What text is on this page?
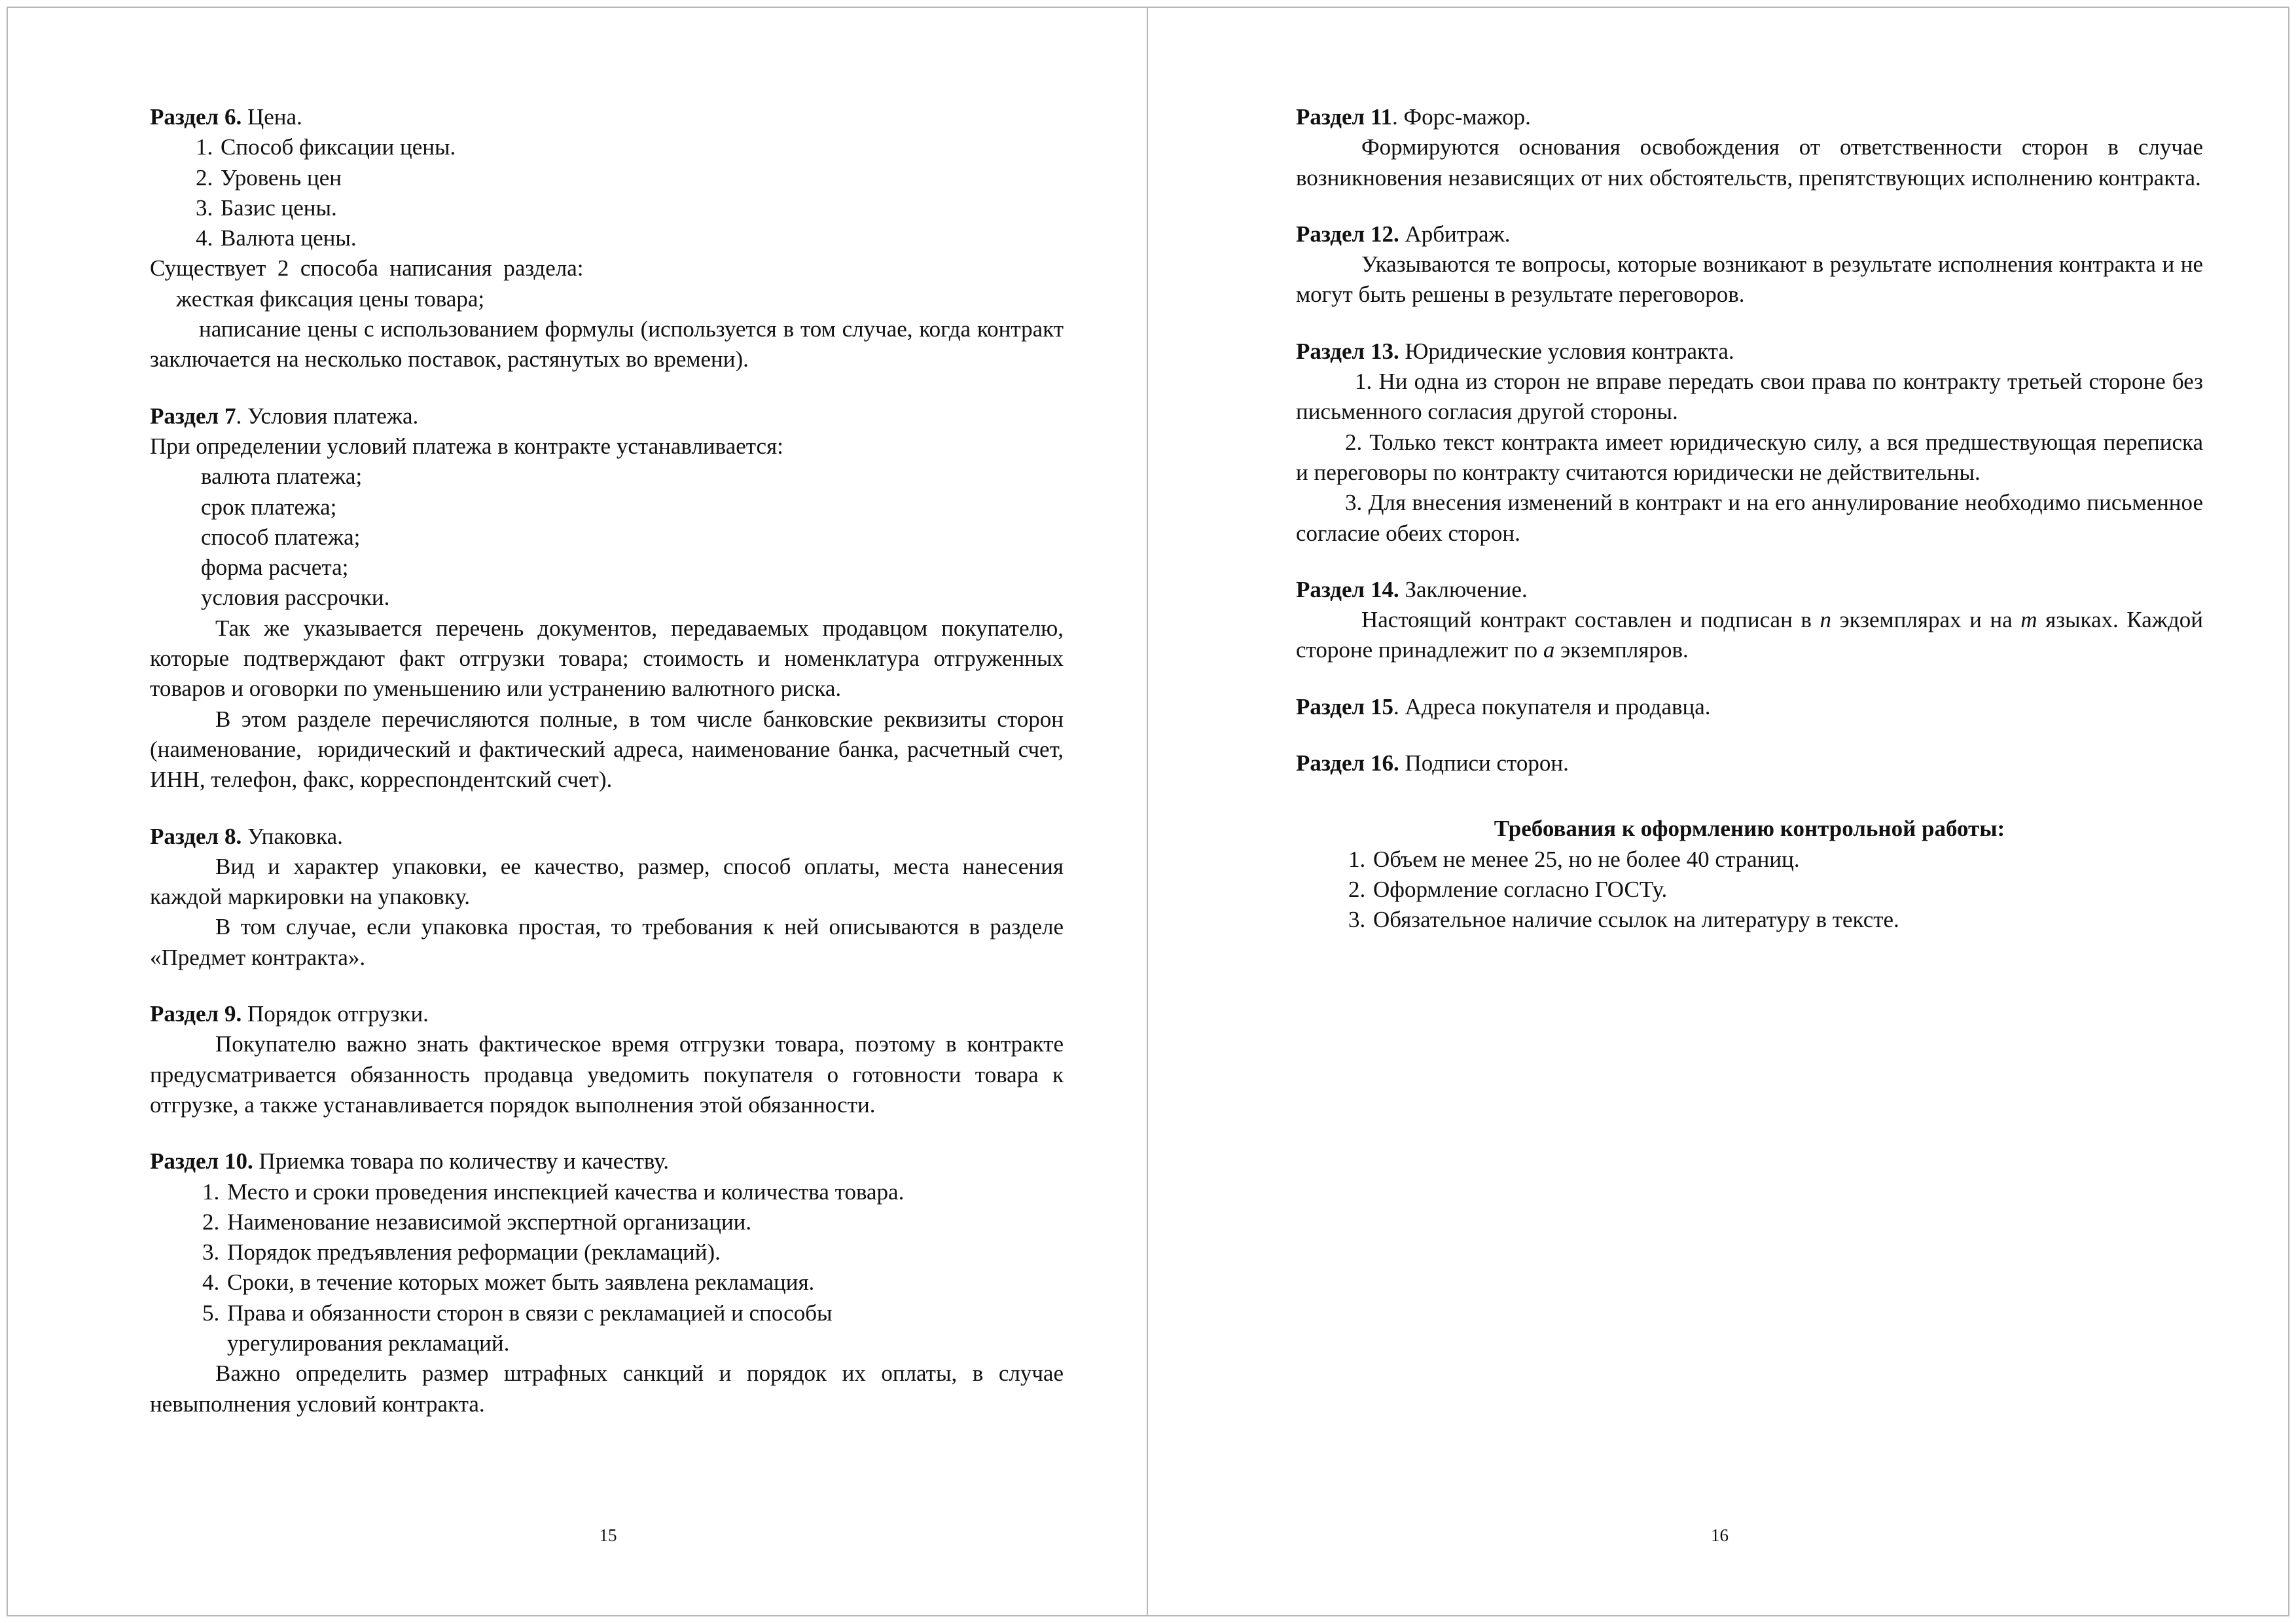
Раздел 6. Цена.

1. Способ фиксации цены.
2. Уровень цен
3. Базис цены.
4. Валюта цены.

Существует  2  способа  написания  раздела:

жесткая фиксация цены товара;

написание цены с использованием формулы (используется в том случае, когда контракт заключается на несколько поставок, растянутых во времени).

Раздел 7. Условия платежа.

При определении условий платежа в контракте устанавливается:

валюта платежа;

срок платежа;

способ платежа;

форма расчета;

условия рассрочки.

Так же указывается перечень документов, передаваемых продавцом покупателю, которые подтверждают факт отгрузки товара; стоимость и номенклатура отгруженных товаров и оговорки по уменьшению или устранению валютного риска.

В этом разделе перечисляются полные, в том числе банковские реквизиты сторон  (наименование,  юридический и фактический адреса, наименование банка, расчетный счет, ИНН, телефон, факс, корреспондентский счет).

Раздел 8. Упаковка.

Вид и характер упаковки, ее качество, размер, способ оплаты, места нанесения каждой маркировки на упаковку.

В том случае, если упаковка простая, то требования к ней описываются в разделе «Предмет контракта».

Раздел 9. Порядок отгрузки.

Покупателю важно знать фактическое время отгрузки товара, поэтому в контракте предусматривается обязанность продавца уведомить покупателя о готовности товара к отгрузке, а также устанавливается порядок выполнения этой обязанности.

Раздел 10. Приемка товара по количеству и качеству.

1. Место и сроки проведения инспекцией качества и количества товара.
2. Наименование независимой экспертной организации.
3. Порядок предъявления реформации (рекламаций).
4. Сроки, в течение которых может быть заявлена рекламация.
5. Права и обязанности сторон в связи с рекламацией и способы урегулирования рекламаций.

Важно определить размер штрафных санкций и порядок их оплаты, в случае невыполнения условий контракта.

15

Раздел 11. Форс-мажор.

Формируются основания освобождения от ответственности сторон в случае возникновения независящих от них обстоятельств, препятствующих исполнению контракта.

Раздел 12. Арбитраж.

Указываются те вопросы, которые возникают в результате исполнения контракта и не могут быть решены в результате переговоров.

Раздел 13. Юридические условия контракта.

1. Ни одна из сторон не вправе передать свои права по контракту третьей стороне без письменного согласия другой стороны.

2. Только текст контракта имеет юридическую силу, а вся предшествующая переписка и переговоры по контракту считаются юридически не действительны.

3. Для внесения изменений в контракт и на его аннулирование необходимо письменное согласие обеих сторон.

Раздел 14. Заключение.

Настоящий контракт составлен и подписан в n экземплярах и на m языках. Каждой стороне принадлежит по a экземпляров.

Раздел 15. Адреса покупателя и продавца.

Раздел 16. Подписи сторон.

Требования к оформлению контрольной работы:

1. Объем не менее 25, но не более 40 страниц.
2. Оформление согласно ГОСТу.
3. Обязательное наличие ссылок на литературу в тексте.
16
